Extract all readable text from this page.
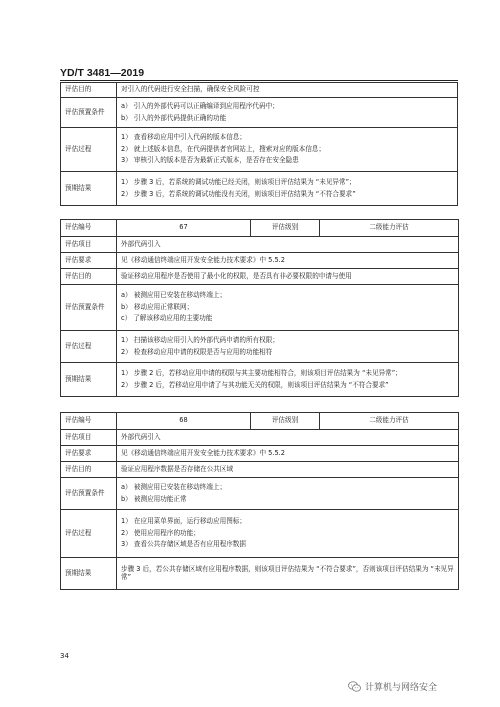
YD/T 3481—2019
评估目的	对引入的代码进行安全扫描，确保安全风险可控
评估预置条件	a） 引入的外部代码可以正确编译到应用程序代码中；
b） 引入的外部代码提供正确的功能

评估过程	1） 查看移动应用中引入代码的版本信息；
2） 就上述版本信息，在代码提供者官网站上，搜索对应的版本信息；
3） 审核引入的版本是否为最新正式版本，是否存在安全隐患

预期结果	1） 步骤 3 后，若系统的调试功能已经关闭，则该项目评估结果为 “未见异常”；
2） 步骤 3 后，若系统的调试功能没有关闭，则该项目评估结果为 “不符合要求”
评估编号	67	评估级别	二级能力评估
评估项目	外部代码引入		
评估要求	见《移动通信终端应用开发安全能力技术要求》中 5.5.2		
评估目的	验证移动应用程序是否使用了最小化的权限，是否具有非必要权限的申请与使用		
评估预置条件	a） 被测应用已安装在移动终端上；
b） 移动应用正常联网；
c） 了解该移动应用的主要功能		

评估过程	1） 扫描该移动应用引入的外部代码申请的所有权限；
2） 检查移动应用申请的权限是否与应用的功能相符		

预期结果	1） 步骤 2 后，若移动应用申请的权限与其主要功能相符合，则该项目评估结果为 “未见异常”；
2） 步骤 2 后，若移动应用申请了与其功能无关的权限，则该项目评估结果为 “不符合要求”		
评估编号	68	评估级别	二级能力评估
评估项目	外部代码引入		
评估要求	见《移动通信终端应用开发安全能力技术要求》中 5.5.2		
评估目的	验证应用程序数据是否存储在公共区域		
评估预置条件	a） 被测应用已安装在移动终端上；
b） 被测应用功能正常		

评估过程	1） 在应用菜单界面，运行移动应用图标；
2） 使用应用程序的功能；
3） 查看公共存储区域是否有应用程序数据		

预期结果	步骤 3 后，若公共存储区域有应用程序数据，则该项目评估结果为 “不符合要求”，否则该项目评估结果为 “未见异常”		
34
计算机与网络安全
